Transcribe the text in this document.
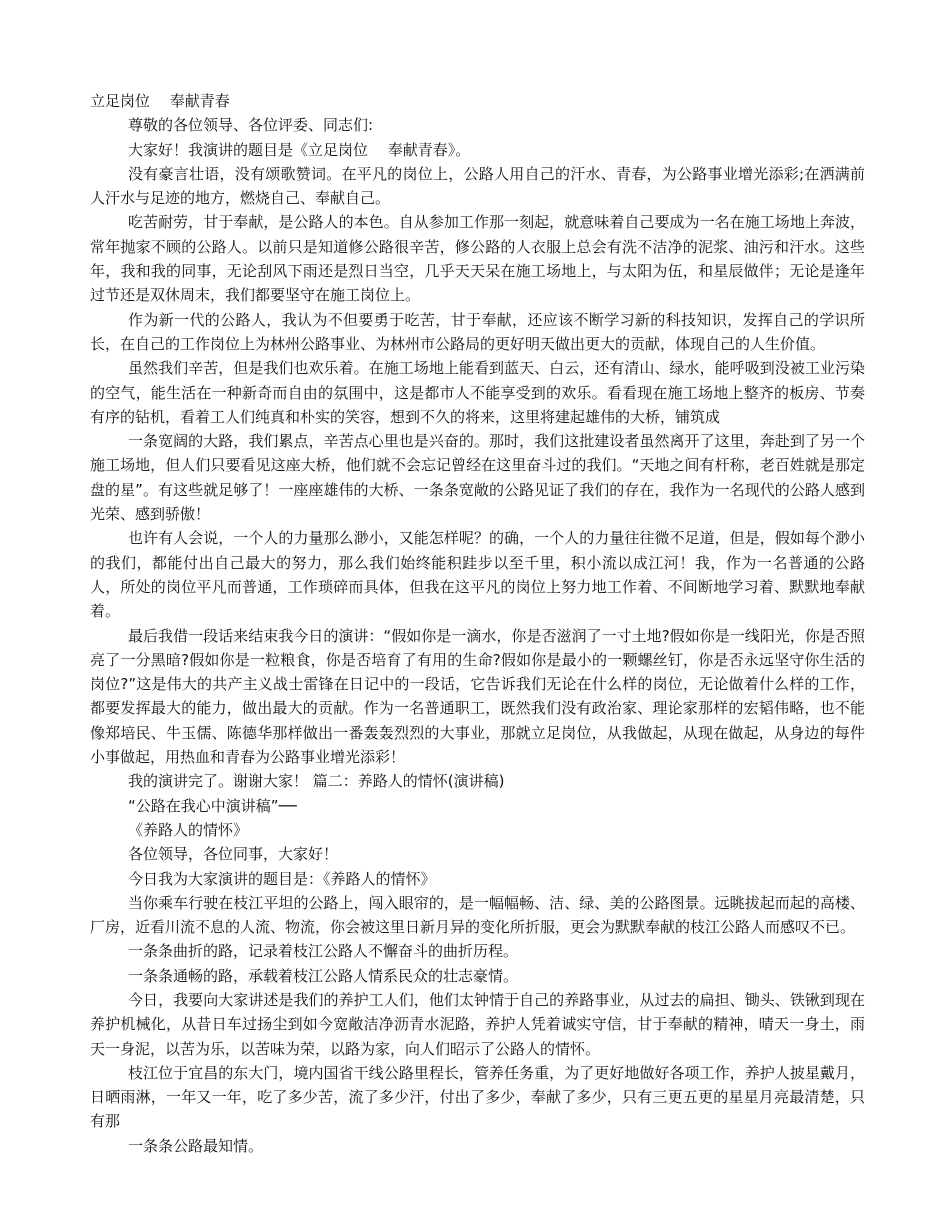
立足岗位　 奉献青春

尊敬的各位领导、各位评委、同志们:

大家好！我演讲的题目是《立足岗位　 奉献青春》。

没有豪言壮语，没有颂歌赞词。在平凡的岗位上，公路人用自己的汗水、青春，为公路事业增光添彩;在洒满前人汗水与足迹的地方，燃烧自己、奉献自己。

吃苦耐劳，甘于奉献，是公路人的本色。自从参加工作那一刻起，就意味着自己要成为一名在施工场地上奔波，常年抛家不顾的公路人。以前只是知道修公路很辛苦，修公路的人衣服上总会有洗不洁净的泥浆、油污和汗水。这些年，我和我的同事，无论刮风下雨还是烈日当空，几乎天天呆在施工场地上，与太阳为伍，和星辰做伴；无论是逢年过节还是双休周末，我们都要坚守在施工岗位上。

作为新一代的公路人，我认为不但要勇于吃苦，甘于奉献，还应该不断学习新的科技知识，发挥自己的学识所长，在自己的工作岗位上为林州公路事业、为林州市公路局的更好明天做出更大的贡献，体现自己的人生价值。

虽然我们辛苦，但是我们也欢乐着。在施工场地上能看到蓝天、白云，还有清山、绿水，能呼吸到没被工业污染的空气，能生活在一种新奇而自由的氛围中，这是都市人不能享受到的欢乐。看看现在施工场地上整齐的板房、节奏有序的钻机，看着工人们纯真和朴实的笑容，想到不久的将来，这里将建起雄伟的大桥，铺筑成

一条宽阔的大路，我们累点，辛苦点心里也是兴奋的。那时，我们这批建设者虽然离开了这里，奔赴到了另一个施工场地，但人们只要看见这座大桥，他们就不会忘记曾经在这里奋斗过的我们。“天地之间有杆称，老百姓就是那定盘的星”。有这些就足够了！一座座雄伟的大桥、一条条宽敞的公路见证了我们的存在，我作为一名现代的公路人感到光荣、感到骄傲！

也许有人会说，一个人的力量那么渺小，又能怎样呢？的确，一个人的力量往往微不足道，但是，假如每个渺小的我们，都能付出自己最大的努力，那么我们始终能积跬步以至千里，积小流以成江河！我，作为一名普通的公路人，所处的岗位平凡而普通，工作琐碎而具体，但我在这平凡的岗位上努力地工作着、不间断地学习着、默默地奉献着。

最后我借一段话来结束我今日的演讲：“假如你是一滴水，你是否滋润了一寸土地?假如你是一线阳光，你是否照亮了一分黑暗?假如你是一粒粮食，你是否培育了有用的生命?假如你是最小的一颗螺丝钉，你是否永远坚守你生活的岗位?”这是伟大的共产主义战士雷锋在日记中的一段话，它告诉我们无论在什么样的岗位，无论做着什么样的工作，都要发挥最大的能力，做出最大的贡献。作为一名普通职工，既然我们没有政治家、理论家那样的宏韬伟略，也不能像郑培民、牛玉儒、陈德华那样做出一番轰轰烈烈的大事业，那就立足岗位，从我做起，从现在做起，从身边的每件小事做起，用热血和青春为公路事业增光添彩！

我的演讲完了。谢谢大家！ 篇二：养路人的情怀(演讲稿)

“公路在我心中演讲稿”──

《养路人的情怀》

各位领导，各位同事，大家好！

今日我为大家演讲的题目是：《养路人的情怀》

当你乘车行驶在枝江平坦的公路上，闯入眼帘的，是一幅幅畅、洁、绿、美的公路图景。远眺拔起而起的高楼、厂房，近看川流不息的人流、物流，你会被这里日新月异的变化所折服，更会为默默奉献的枝江公路人而感叹不已。

一条条曲折的路，记录着枝江公路人不懈奋斗的曲折历程。

一条条通畅的路，承载着枝江公路人情系民众的壮志豪情。

今日，我要向大家讲述是我们的养护工人们，他们太钟情于自己的养路事业，从过去的扁担、锄头、铁锹到现在养护机械化，从昔日车过扬尘到如今宽敞洁净沥青水泥路，养护人凭着诚实守信，甘于奉献的精神，晴天一身土，雨天一身泥，以苦为乐，以苦味为荣，以路为家，向人们昭示了公路人的情怀。

枝江位于宜昌的东大门，境内国省干线公路里程长，管养任务重，为了更好地做好各项工作，养护人披星戴月，日晒雨淋，一年又一年，吃了多少苦，流了多少汗，付出了多少，奉献了多少，只有三更五更的星星月亮最清楚，只有那

一条条公路最知情。
